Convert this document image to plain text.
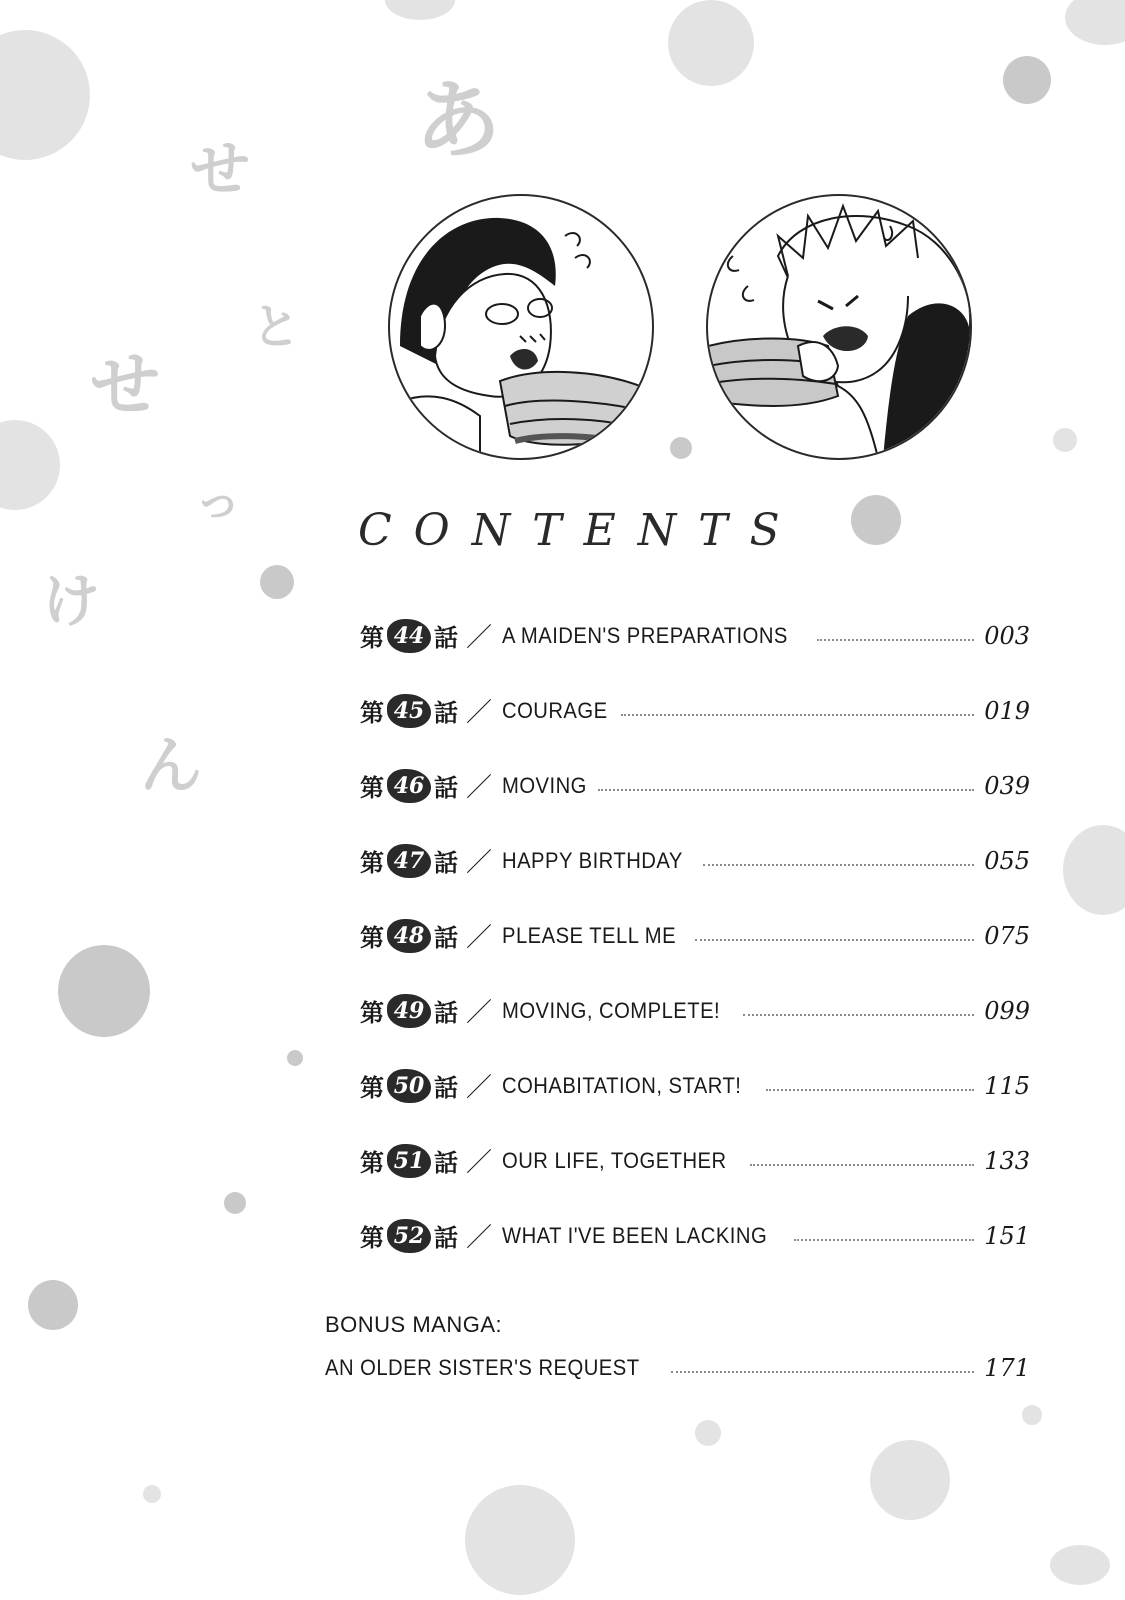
あ
せ
と
せ
っ
け
ん
CONTENTS
第 44 話 ／ A MAIDEN'S PREPARATIONS	003
第 45 話 ／ COURAGE	019
第 46 話 ／ MOVING	039
第 47 話 ／ HAPPY BIRTHDAY	055
第 48 話 ／ PLEASE TELL ME	075
第 49 話 ／ MOVING, COMPLETE!	099
第 50 話 ／ COHABITATION, START!	115
第 51 話 ／ OUR LIFE, TOGETHER	133
第 52 話 ／ WHAT I'VE BEEN LACKING	151
BONUS MANGA:
AN OLDER SISTER'S REQUEST	171
